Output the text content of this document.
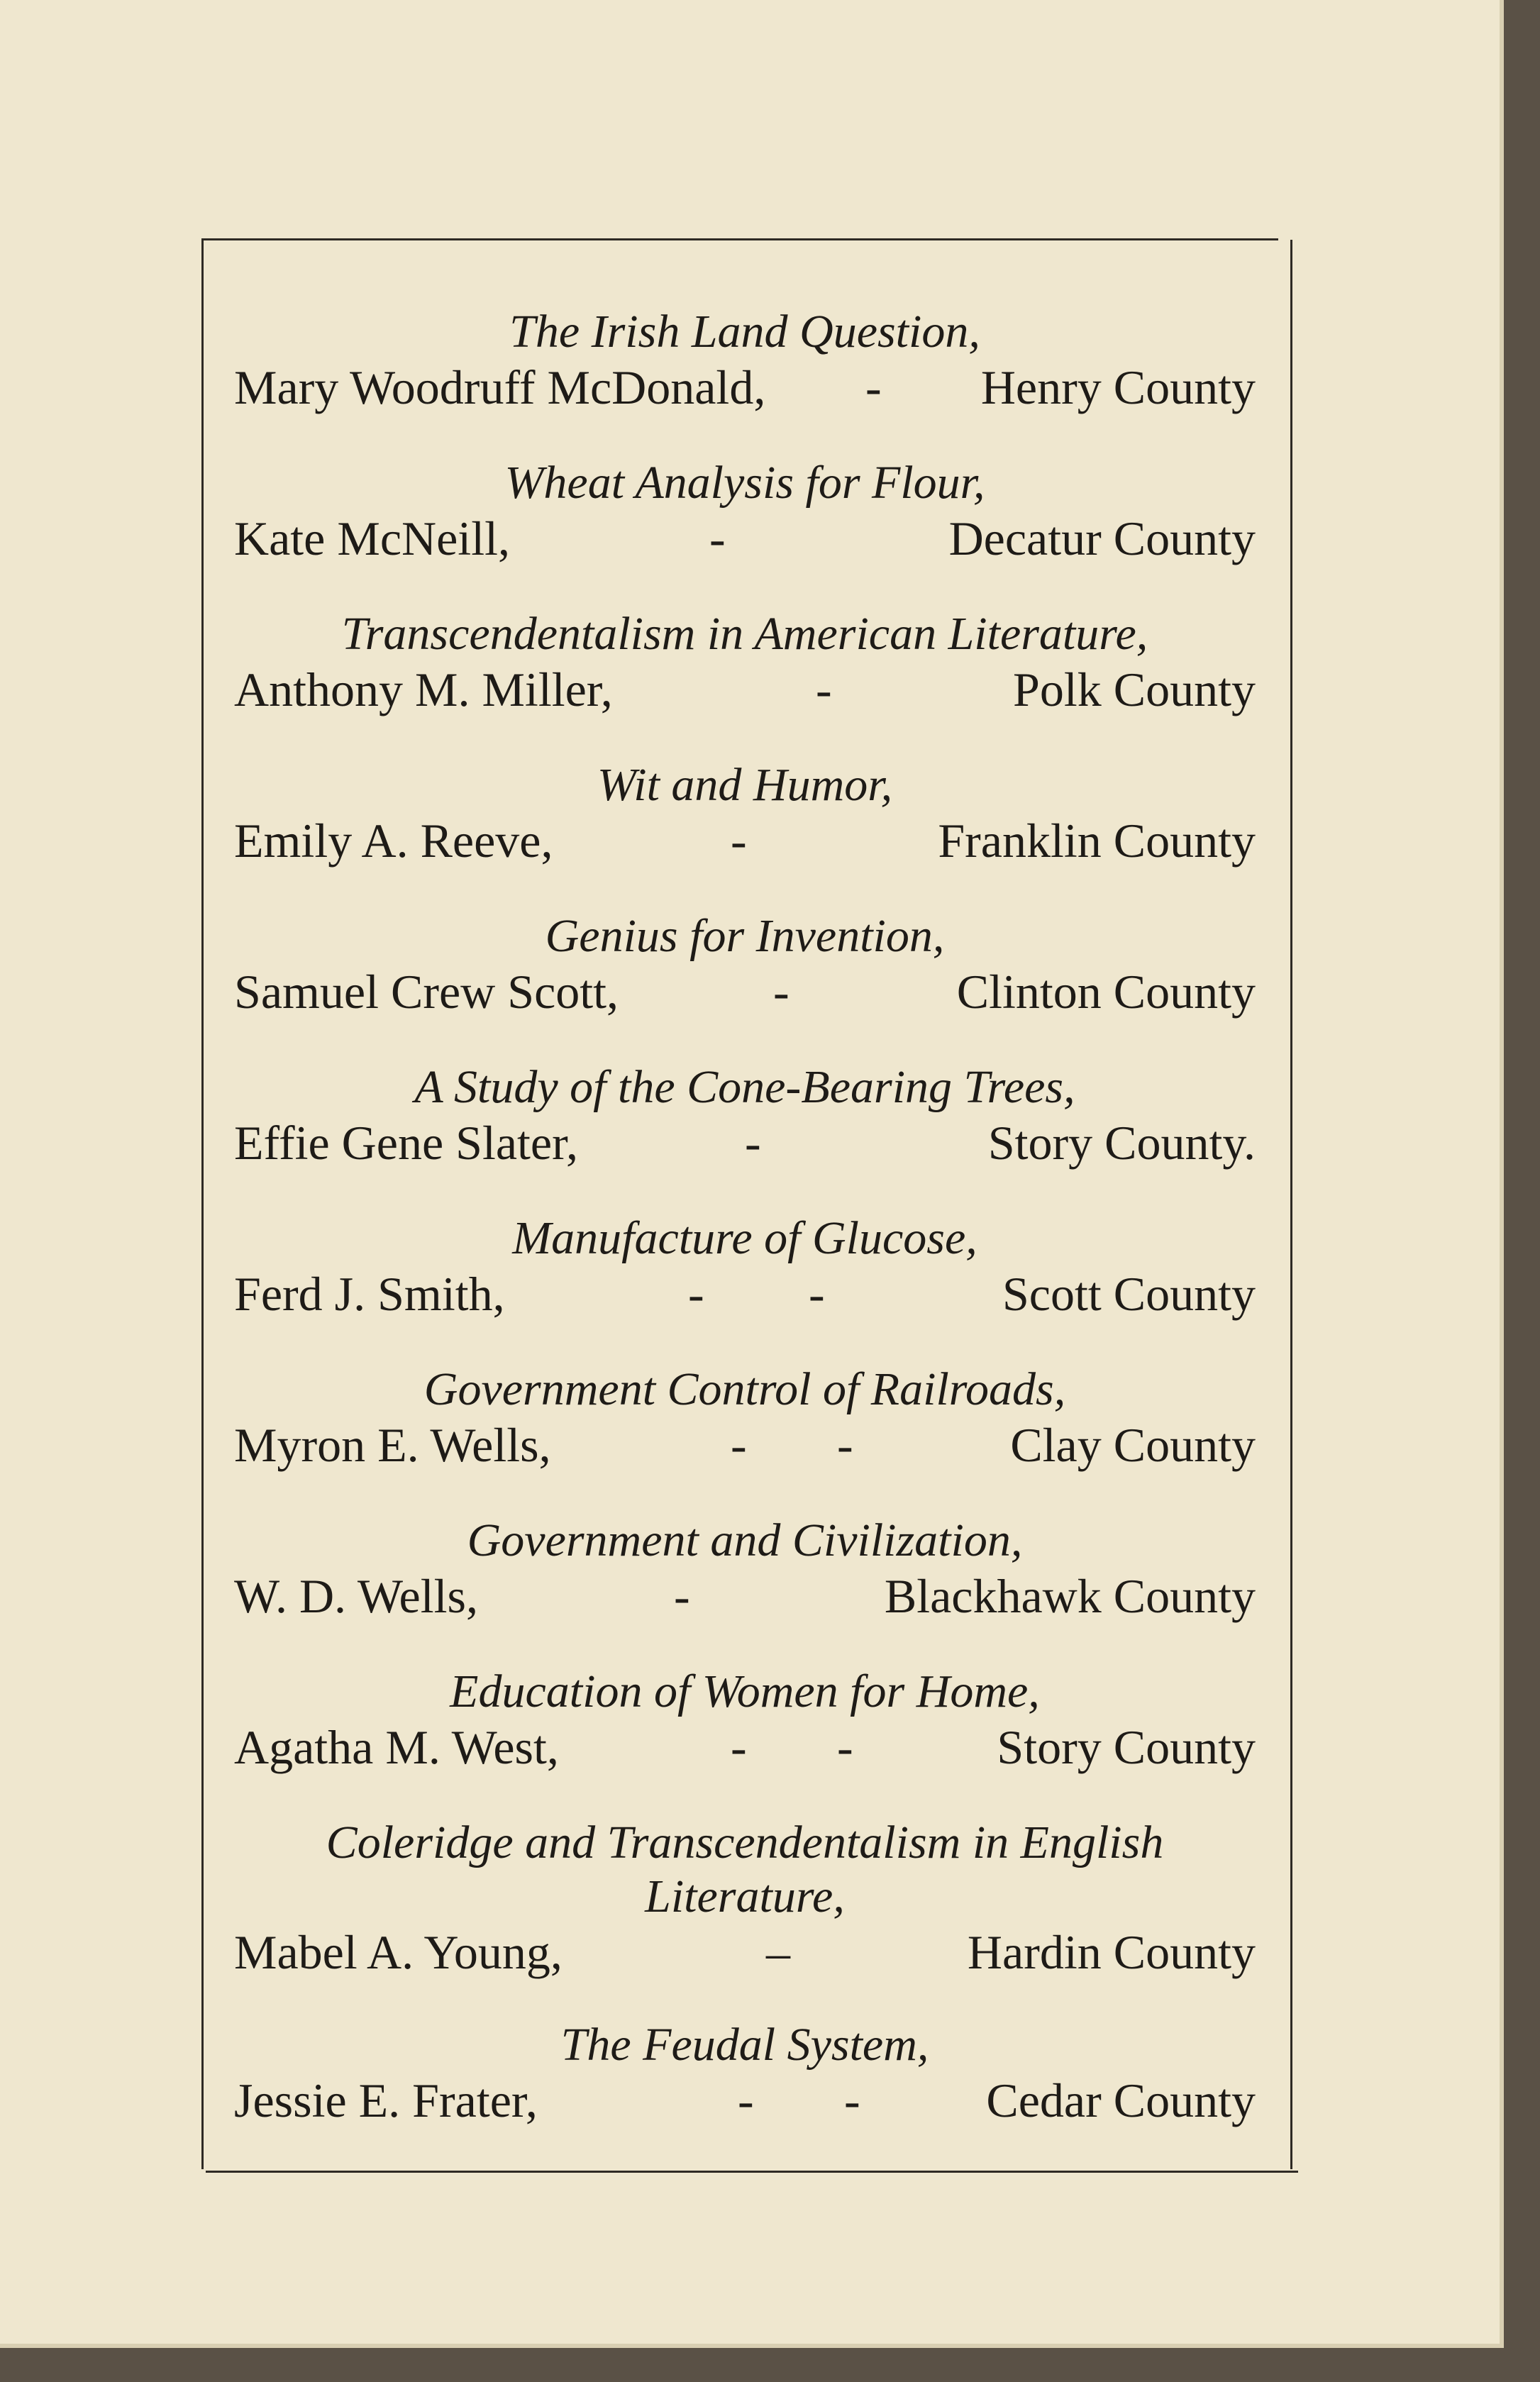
The Irish Land Question,
Mary Woodruff McDonald, - Henry County
Wheat Analysis for Flour,
Kate McNeill,	-	Decatur County
Transcendentalism in American Literature,
Anthony M. Miller,	-	Polk County
Wit and Humor,
Emily A. Reeve,	-	Franklin County
Genius for Invention,
Samuel Crew Scott,	-	Clinton County
A Study of the Cone-Bearing Trees,
Effie Gene Slater,	-	Story County.
Manufacture of Glucose,
Ferd J. Smith,	- -	Scott County
Government Control of Railroads,
Myron E. Wells,	- -	Clay County
Government and Civilization,
W. D. Wells,	-	Blackhawk County
Education of Women for Home,
Agatha M. West,	- -	Story County
Coleridge and Transcendentalism in English Literature,
Mabel A. Young,	–	Hardin County
The Feudal System,
Jessie E. Frater,	- -	Cedar County
